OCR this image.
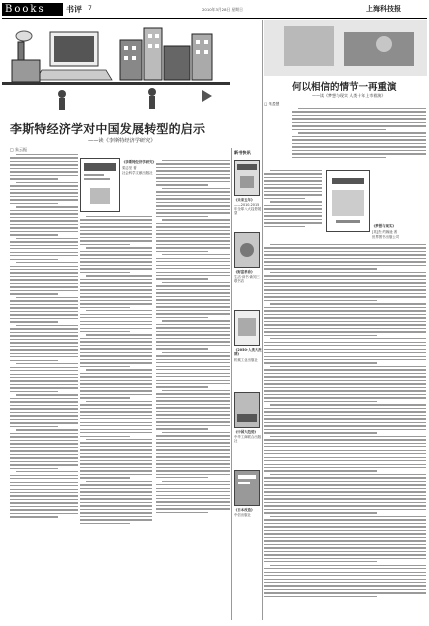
Books	书评 7	2010年3月28日 星期日	上海科技报
李斯特经济学对中国发展转型的启示
——读《李斯特经济学研究》
□ 朱云振
何以相信的情节一再重演
——读《梦想与现实 人类十年上市着演》
□ 朱盈慧
《李斯特经济学研究》
梁志坚 著
社会科学文献出版社
新书快讯
《未来五年》
——2010-2015年全球八大趋势展望
《财富革命》
生活·读书·新知三联书店
《2050·人类大洗牌》
机械工业出版社
《中国大趋势》
中华工商联合出版社
《日本改造》
中信出版社
《梦想与现实》
[英]杰·约翰逊 著
世界图书出版公司
